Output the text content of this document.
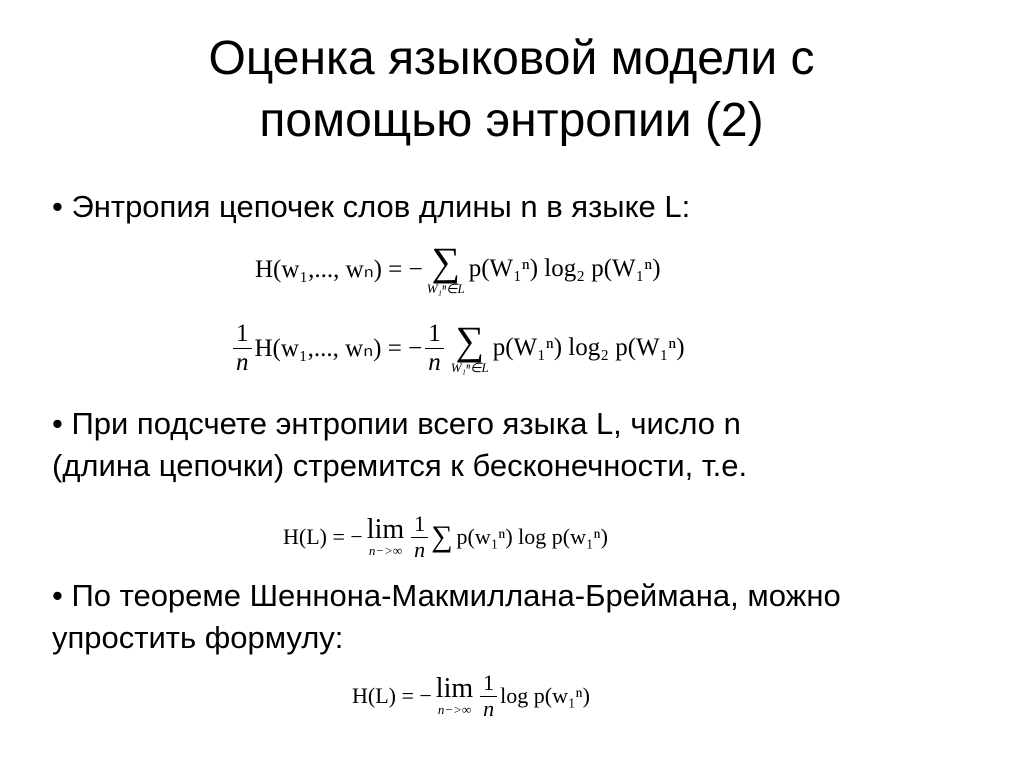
Оценка языковой модели с
помощью энтропии (2)
• Энтропия цепочек слов длины n в языке L:
H(w₁,..., wₙ) = − ∑
W₁ⁿ∈L
p(W₁ⁿ) log₂ p(W₁ⁿ)
$\frac{1}{n} H(w_1$,..., wₙ) = − $\frac{1}{n}$ ∑
W₁ⁿ∈L
p(W₁ⁿ) log₂ p(W₁ⁿ)
• При подсчете энтропии всего языка L, число n
(длина цепочки) стремится к бесконечности, т.е.
H(L) = − lim
$n->\infty \frac{1}{n}$ ∑ p(w₁ⁿ) log p(w₁ⁿ)
• По теореме Шеннона-Макмиллана-Бреймана, можно
упростить формулу:
H(L) = − lim
$n->\infty \frac{1}{n}$ log p(w₁ⁿ)
